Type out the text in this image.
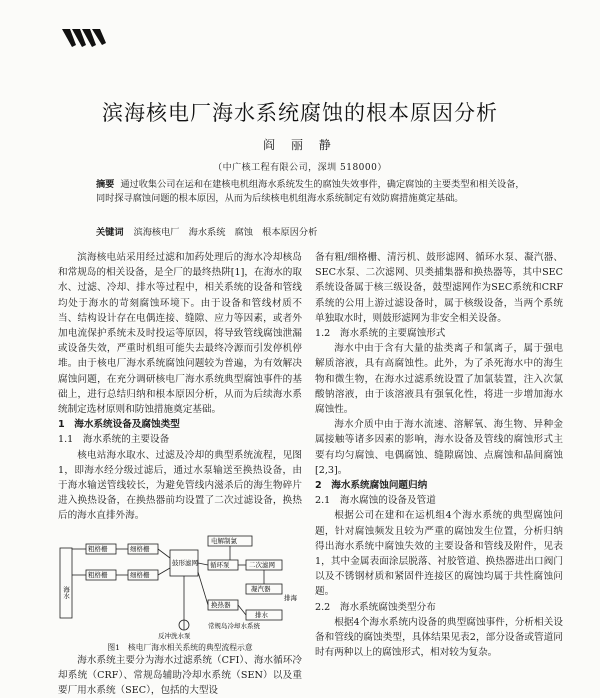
滨海核电厂海水系统腐蚀的根本原因分析
阎 丽 静
（中广核工程有限公司，深圳 518000）
摘要 通过收集公司在运和在建核电机组海水系统发生的腐蚀失效事件，确定腐蚀的主要类型和相关设备，同时探寻腐蚀问题的根本原因，从而为后续核电机组海水系统制定有效防腐措施奠定基础。
关键词 滨海核电厂　海水系统　腐蚀　根本原因分析

滨海核电站采用经过滤和加药处理后的海水冷却核岛和常规岛的相关设备，是全厂的最终热阱[1]，在海水的取水、过滤、冷却、排水等过程中，相关系统的设备和管线均处于海水的苛刻腐蚀环境下。由于设备和管线材质不当、结构设计存在电偶连接、缝隙、应力等因素，或者外加电流保护系统未及时投运等原因，将导致管线腐蚀泄漏或设备失效，严重时机组可能失去最终冷源而引发停机停堆。由于核电厂海水系统腐蚀问题较为普遍，为有效解决腐蚀问题，在充分调研核电厂海水系统典型腐蚀事件的基础上，进行总结归纳和根本原因分析，从而为后续海水系统制定选材原则和防蚀措施奠定基础。

1　海水系统设备及腐蚀类型

1.1　海水系统的主要设备

核电站海水取水、过滤及冷却的典型系统流程，见图1，即海水经分级过滤后，通过水泵输送至换热设备，由于海水输送管线较长，为避免管线内滋杀后的海生物碎片进入换热设备，在换热器前均设置了二次过滤设备，换热后的海水直排外海。

海水
粗格栅
粗格栅
细格栅
细格栅
鼓形滤网
电解制氯
循环泵	二次滤网
凝汽器
换热器
排水
常规岛冷却水系统
反冲洗水泵
排海
图1　核电厂海水相关系统的典型流程示意

海水系统主要分为海水过滤系统（CFI）、海水循环冷却系统（CRF）、常规岛辅助冷却水系统（SEN）以及重要厂用水系统（SEC），包括的大型设

备有粗/细格栅、清污机、鼓形滤网、循环水泵、凝汽器、SEC水泵、二次滤网、贝类捕集器和换热器等，其中SEC系统设备属于核三级设备，鼓型滤网作为SEC系统和CRF系统的公用上游过滤设备时，属于核级设备，当两个系统单独取水时，则鼓形滤网为非安全相关设备。

1.2　海水系统的主要腐蚀形式

海水中由于含有大量的盐类离子和氯离子，属于强电解质溶液，具有高腐蚀性。此外，为了杀死海水中的海生物和微生物，在海水过滤系统设置了加氯装置，注入次氯酸钠溶液，由于该溶液具有强氧化性，将进一步增加海水腐蚀性。

海水介质中由于海水流速、溶解氧、海生物、异种金属接触等诸多因素的影响，海水设备及管线的腐蚀形式主要有均匀腐蚀、电偶腐蚀、缝隙腐蚀、点腐蚀和晶间腐蚀[2,3]。

2　海水系统腐蚀问题归纳

2.1　海水腐蚀的设备及管道

根据公司在建和在运机组4个海水系统的典型腐蚀问题，针对腐蚀频发且较为严重的腐蚀发生位置，分析归纳得出海水系统中腐蚀失效的主要设备和管线及附件，见表1，其中金属表面涂层脱落、衬胶管道、换热器进出口阀门以及不锈钢材质和紧固件连接区的腐蚀均属于共性腐蚀问题。

2.2　海水系统腐蚀类型分布

根据4个海水系统内设备的典型腐蚀事件，分析相关设备和管线的腐蚀类型，具体结果见表2，部分设备或管道同时有两种以上的腐蚀形式，相对较为复杂。
